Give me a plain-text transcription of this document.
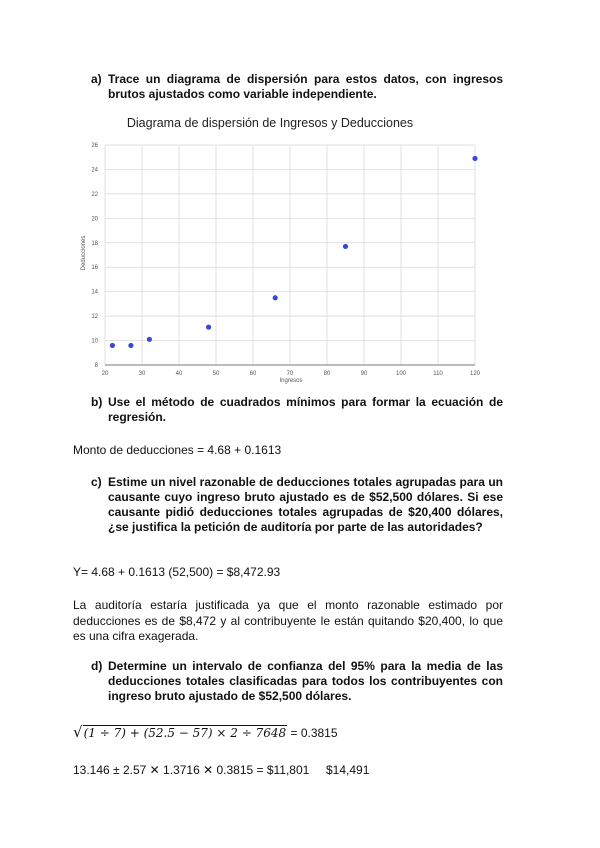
a) Trace un diagrama de dispersión para estos datos, con ingresos brutos ajustados como variable independiente.
Diagrama de dispersión de Ingresos y Deducciones
20	30	40	50	60	70	80	90	100	110	120
8
10
12
14
16
18
20
22
24
26
Ingresos
Deducciones
b) Use el método de cuadrados mínimos para formar la ecuación de regresión.
Monto de deducciones = 4.68 + 0.1613
c) Estime un nivel razonable de deducciones totales agrupadas para un causante cuyo ingreso bruto ajustado es de $52,500 dólares. Si ese causante pidió deducciones totales agrupadas de $20,400 dólares, ¿se justifica la petición de auditoría por parte de las autoridades?
Y= 4.68 + 0.1613 (52,500) = $8,472.93
La auditoría estaría justificada ya que el monto razonable estimado por deducciones es de $8,472 y al contribuyente le están quitando $20,400, lo que es una cifra exagerada.
d) Determine un intervalo de confianza del 95% para la media de las deducciones totales clasificadas para todos los contribuyentes con ingreso bruto ajustado de $52,500 dólares.
√(1 ÷ 7) + (52.5 − 57) × 2 ÷ 7648 = 0.3815
13.146 ± 2.57 ✕ 1.3716 ✕ 0.3815 = $11,801     $14,491
